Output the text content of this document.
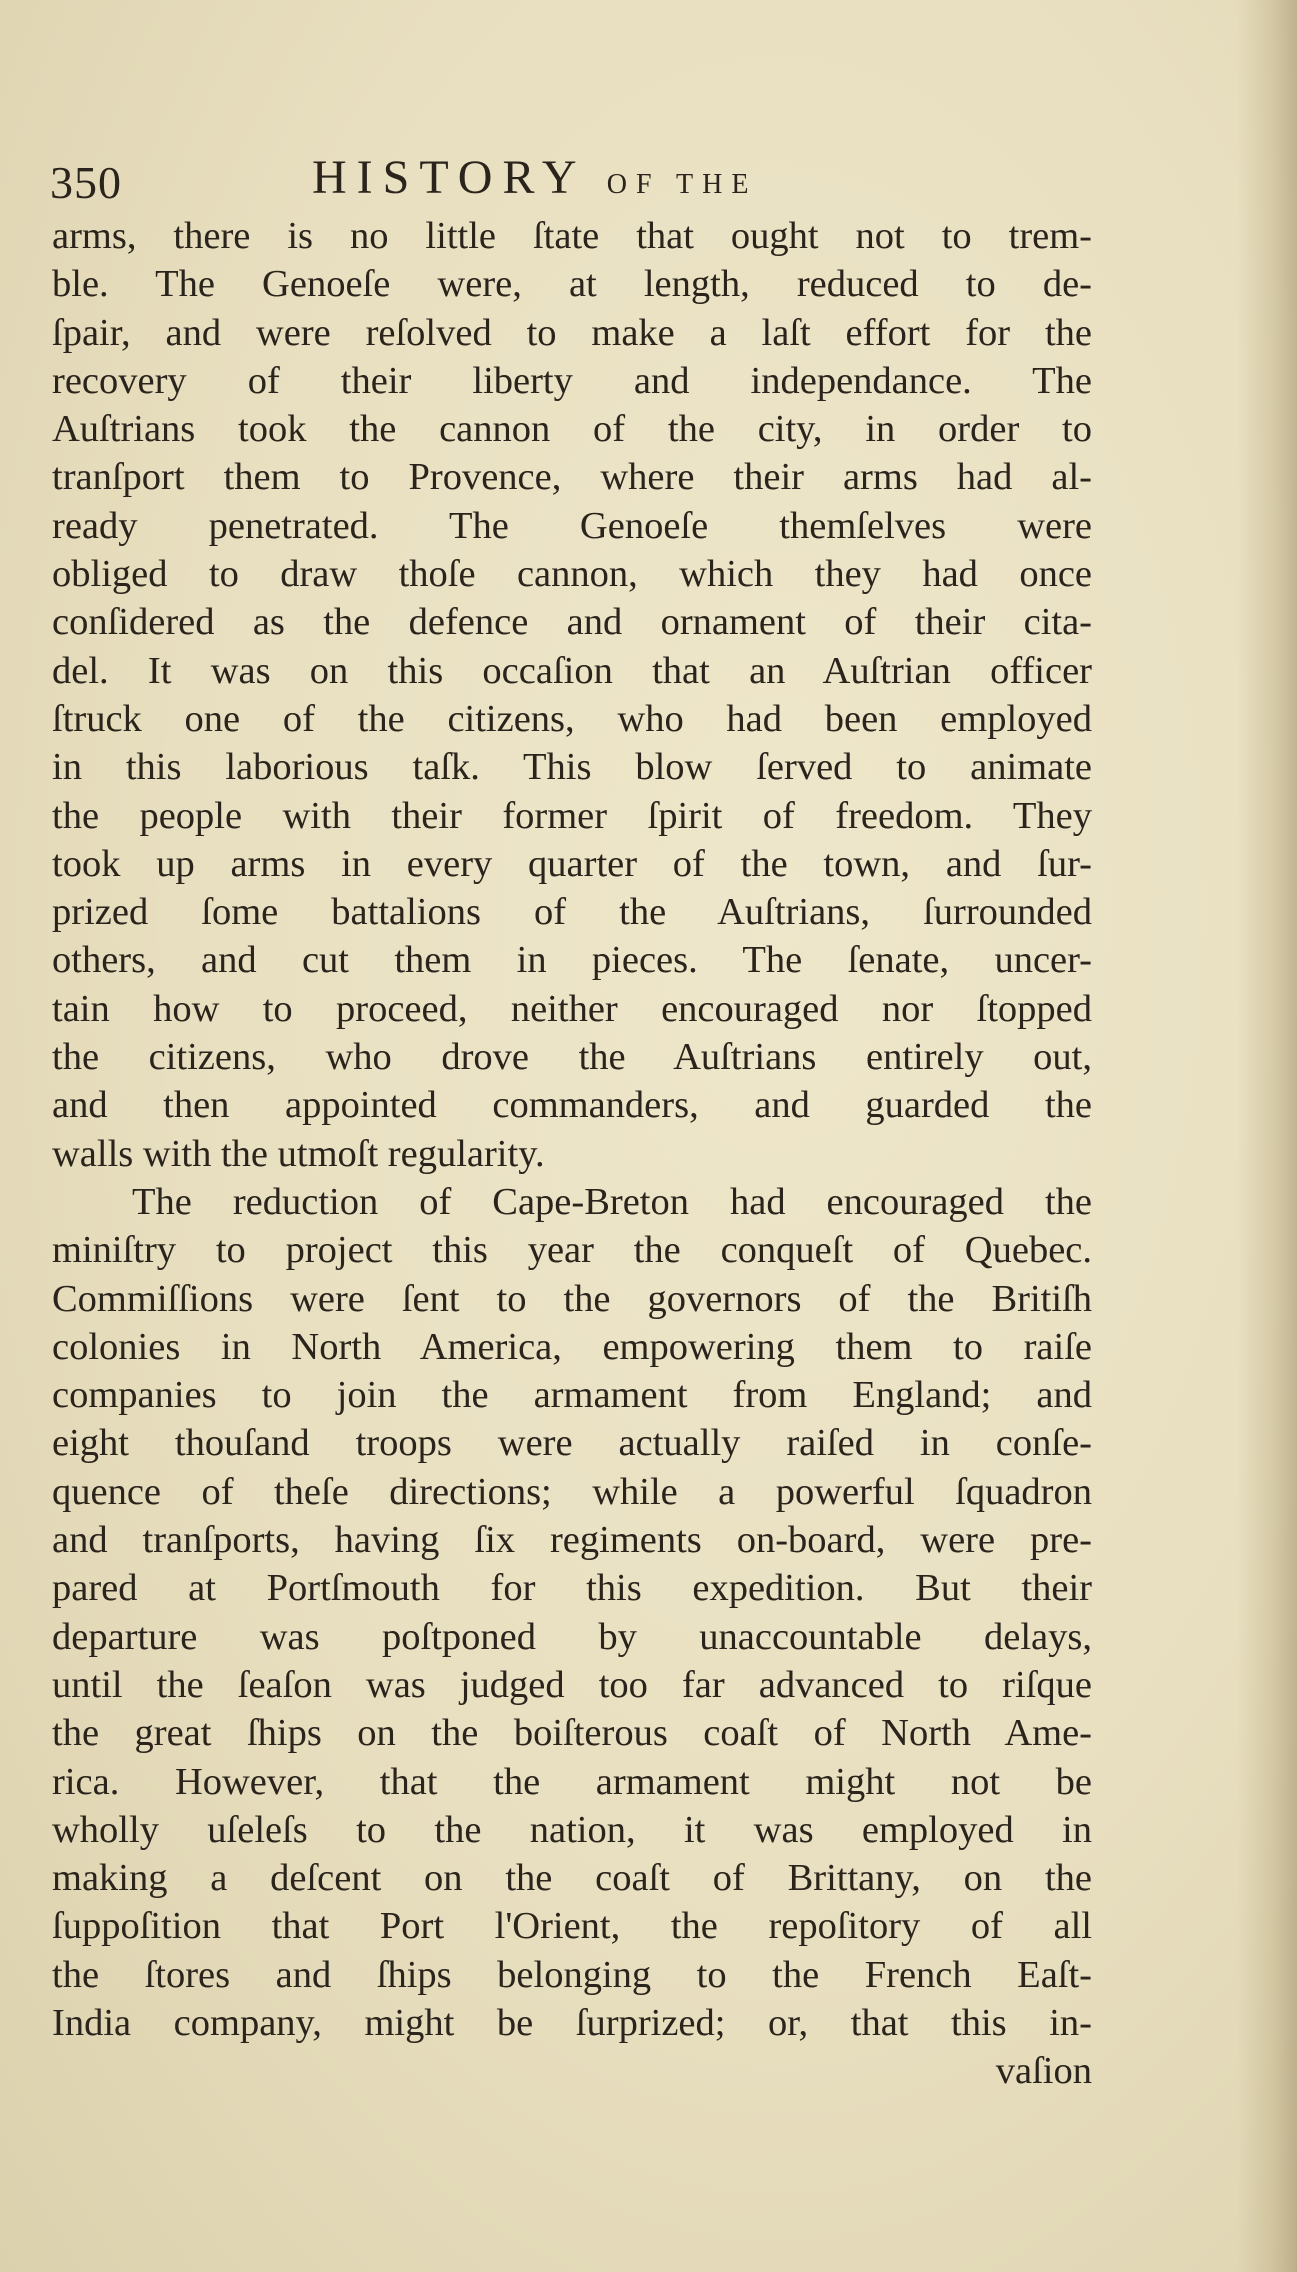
350	HISTORY OF THE
arms, there is no little ſtate that ought not to trem-
ble. The Genoeſe were, at length, reduced to de-
ſpair, and were reſolved to make a laſt effort for the
recovery of their liberty and independance. The
Auſtrians took the cannon of the city, in order to
tranſport them to Provence, where their arms had al-
ready penetrated. The Genoeſe themſelves were
obliged to draw thoſe cannon, which they had once
conſidered as the defence and ornament of their cita-
del. It was on this occaſion that an Auſtrian officer
ſtruck one of the citizens, who had been employed
in this laborious taſk. This blow ſerved to animate
the people with their former ſpirit of freedom. They
took up arms in every quarter of the town, and ſur-
prized ſome battalions of the Auſtrians, ſurrounded
others, and cut them in pieces. The ſenate, uncer-
tain how to proceed, neither encouraged nor ſtopped
the citizens, who drove the Auſtrians entirely out,
and then appointed commanders, and guarded the
walls with the utmoſt regularity.
The reduction of Cape-Breton had encouraged the
miniſtry to project this year the conqueſt of Quebec.
Commiſſions were ſent to the governors of the Britiſh
colonies in North America, empowering them to raiſe
companies to join the armament from England; and
eight thouſand troops were actually raiſed in conſe-
quence of theſe directions; while a powerful ſquadron
and tranſports, having ſix regiments on-board, were pre-
pared at Portſmouth for this expedition. But their
departure was poſtponed by unaccountable delays,
until the ſeaſon was judged too far advanced to riſque
the great ſhips on the boiſterous coaſt of North Ame-
rica. However, that the armament might not be
wholly uſeleſs to the nation, it was employed in
making a deſcent on the coaſt of Brittany, on the
ſuppoſition that Port l'Orient, the repoſitory of all
the ſtores and ſhips belonging to the French Eaſt-
India company, might be ſurprized; or, that this in-
vaſion
